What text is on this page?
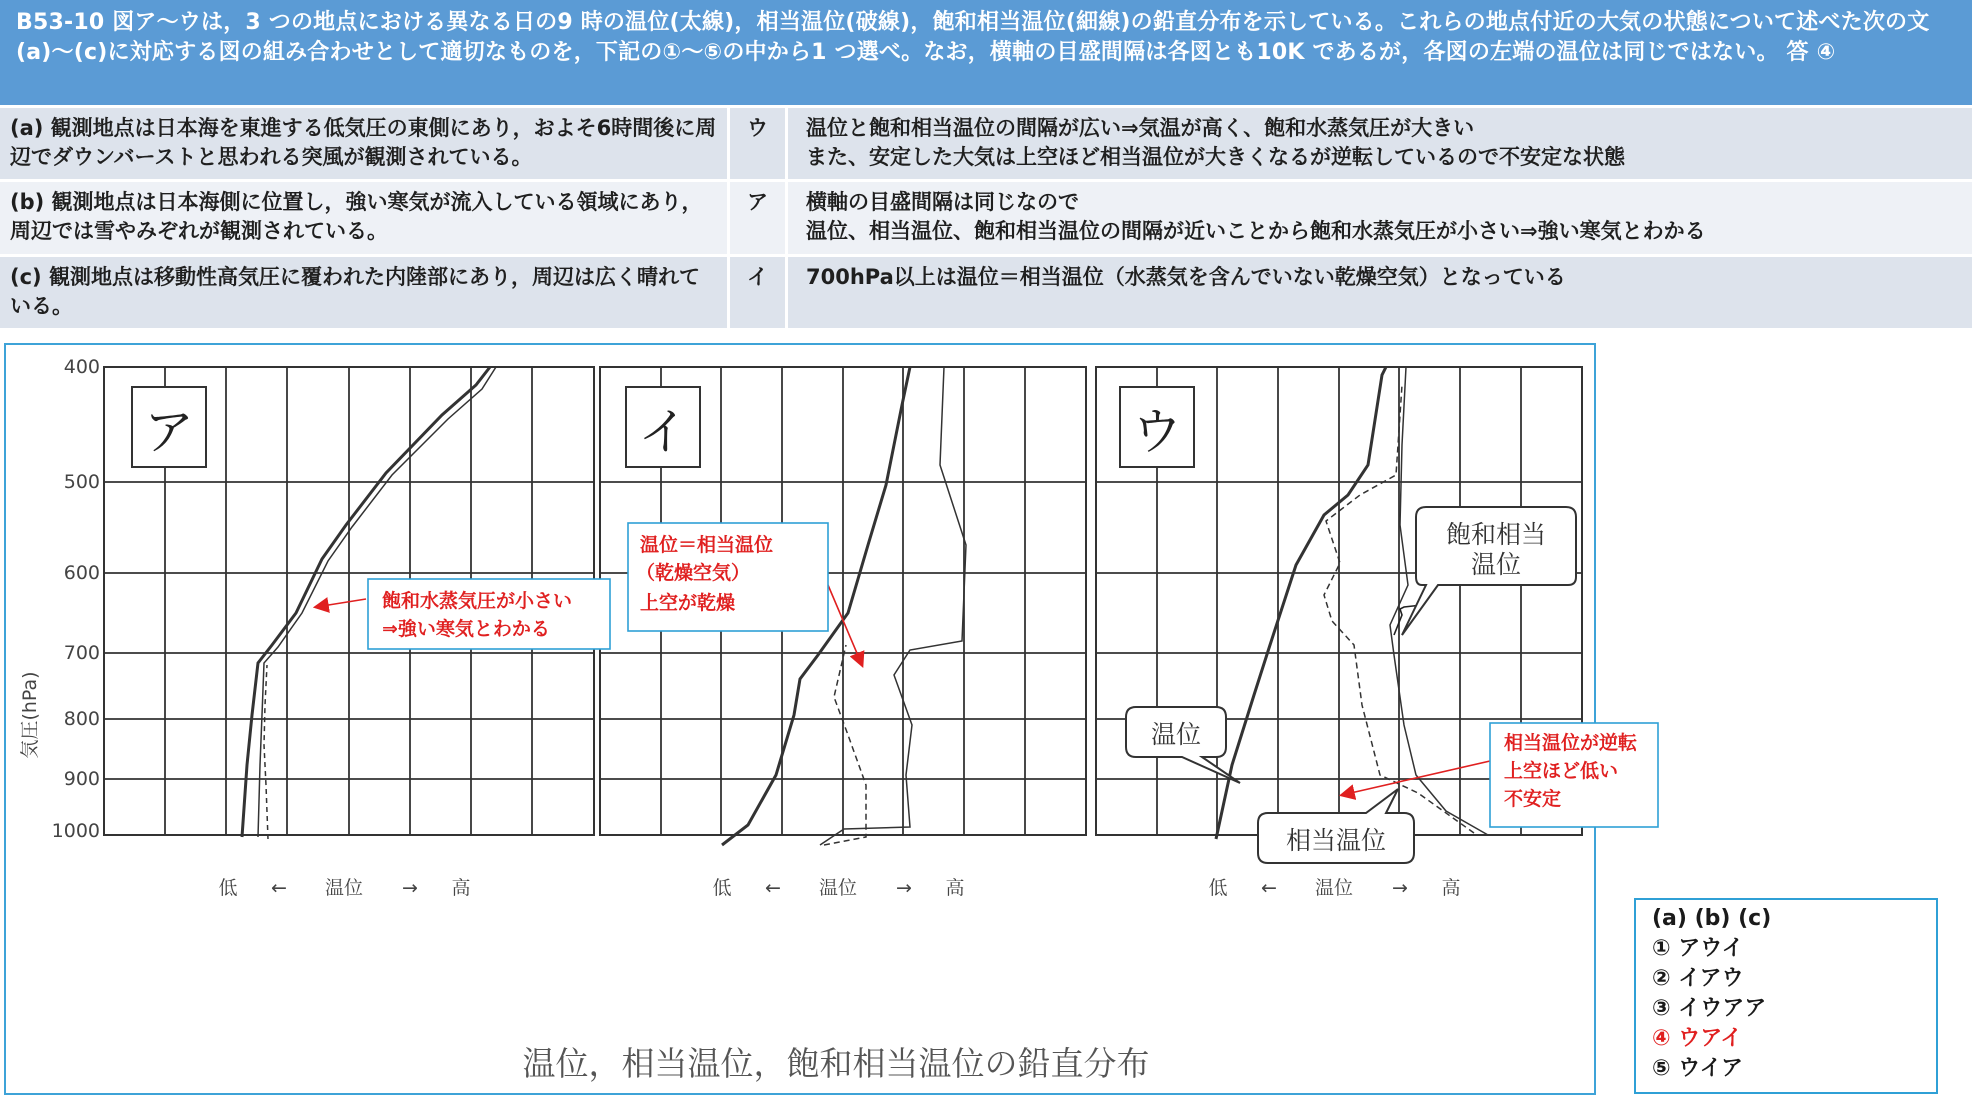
B53-10 図ア〜ウは，3 つの地点における異なる日の9 時の温位(太線)，相当温位(破線)，飽和相当温位(細線)の鉛直分布を示している。これらの地点付近の大気の状態について述べた次の文(a)〜(c)に対応する図の組み合わせとして適切なものを，下記の①〜⑤の中から1 つ選べ。なお，横軸の目盛間隔は各図とも10K であるが，各図の左端の温位は同じではない。 答 ④
(a) 観測地点は日本海を東進する低気圧の東側にあり，およそ6時間後に周辺でダウンバーストと思われる突風が観測されている。	ウ	温位と飽和相当温位の間隔が広い⇒気温が高く、飽和水蒸気圧が大きい
また、安定した大気は上空ほど相当温位が大きくなるが逆転しているので不安定な状態
(b) 観測地点は日本海側に位置し，強い寒気が流入している領域にあり，周辺では雪やみぞれが観測されている。	ア	横軸の目盛間隔は同じなので
温位、相当温位、飽和相当温位の間隔が近いことから飽和水蒸気圧が小さい⇒強い寒気とわかる
(c) 観測地点は移動性高気圧に覆われた内陸部にあり，周辺は広く晴れている。	イ	700hPa以上は温位＝相当温位（水蒸気を含んでいない乾燥空気）となっている
気圧(hPa)
400
500
600
700
800
900
1000
ア	イ	ウ
低 ← 温位 → 高	低 ← 温位 → 高	低 ← 温位 → 高
温位，相当温位，飽和相当温位の鉛直分布
飽和水蒸気圧が小さい
⇒強い寒気とわかる
温位＝相当温位
（乾燥空気）
上空が乾燥
相当温位が逆転
上空ほど低い
不安定
飽和相当
温位
温位
相当温位
(a) (b) (c)
① アウイ
② イアウ
③ イウアア
④ ウアイ
⑤ ウイア
